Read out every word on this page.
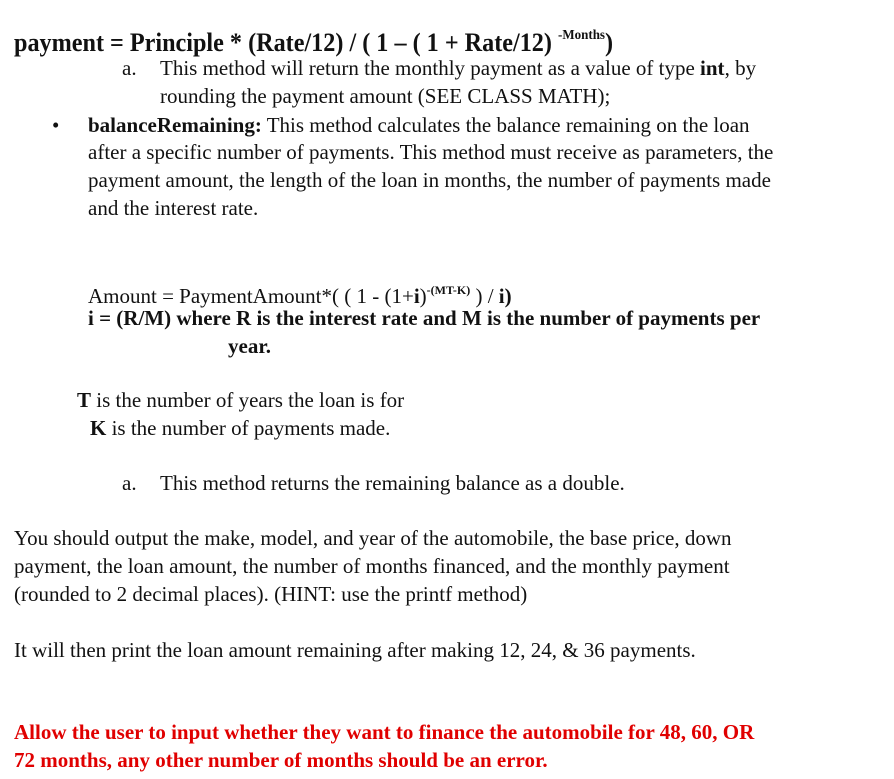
payment = Principle * (Rate/12) / ( 1 – ( 1 + Rate/12) $^{-Months}$)
a. This method will return the monthly payment as a value of type int, by
rounding the payment amount (SEE CLASS MATH);
• balanceRemaining: This method calculates the balance remaining on the loan
after a specific number of payments. This method must receive as parameters, the
payment amount, the length of the loan in months, the number of payments made
and the interest rate.
Amount = PaymentAmount*( ( $1 - (1+i)^{-(MT-K)}$ ) / i)
i = (R/M) where R is the interest rate and M is the number of payments per
year.
T is the number of years the loan is for
K is the number of payments made.
a. This method returns the remaining balance as a double.
You should output the make, model, and year of the automobile, the base price, down
payment, the loan amount, the number of months financed, and the monthly payment
(rounded to 2 decimal places). (HINT: use the printf method)
It will then print the loan amount remaining after making 12, 24, & 36 payments.
Allow the user to input whether they want to finance the automobile for 48, 60, OR
72 months, any other number of months should be an error.
